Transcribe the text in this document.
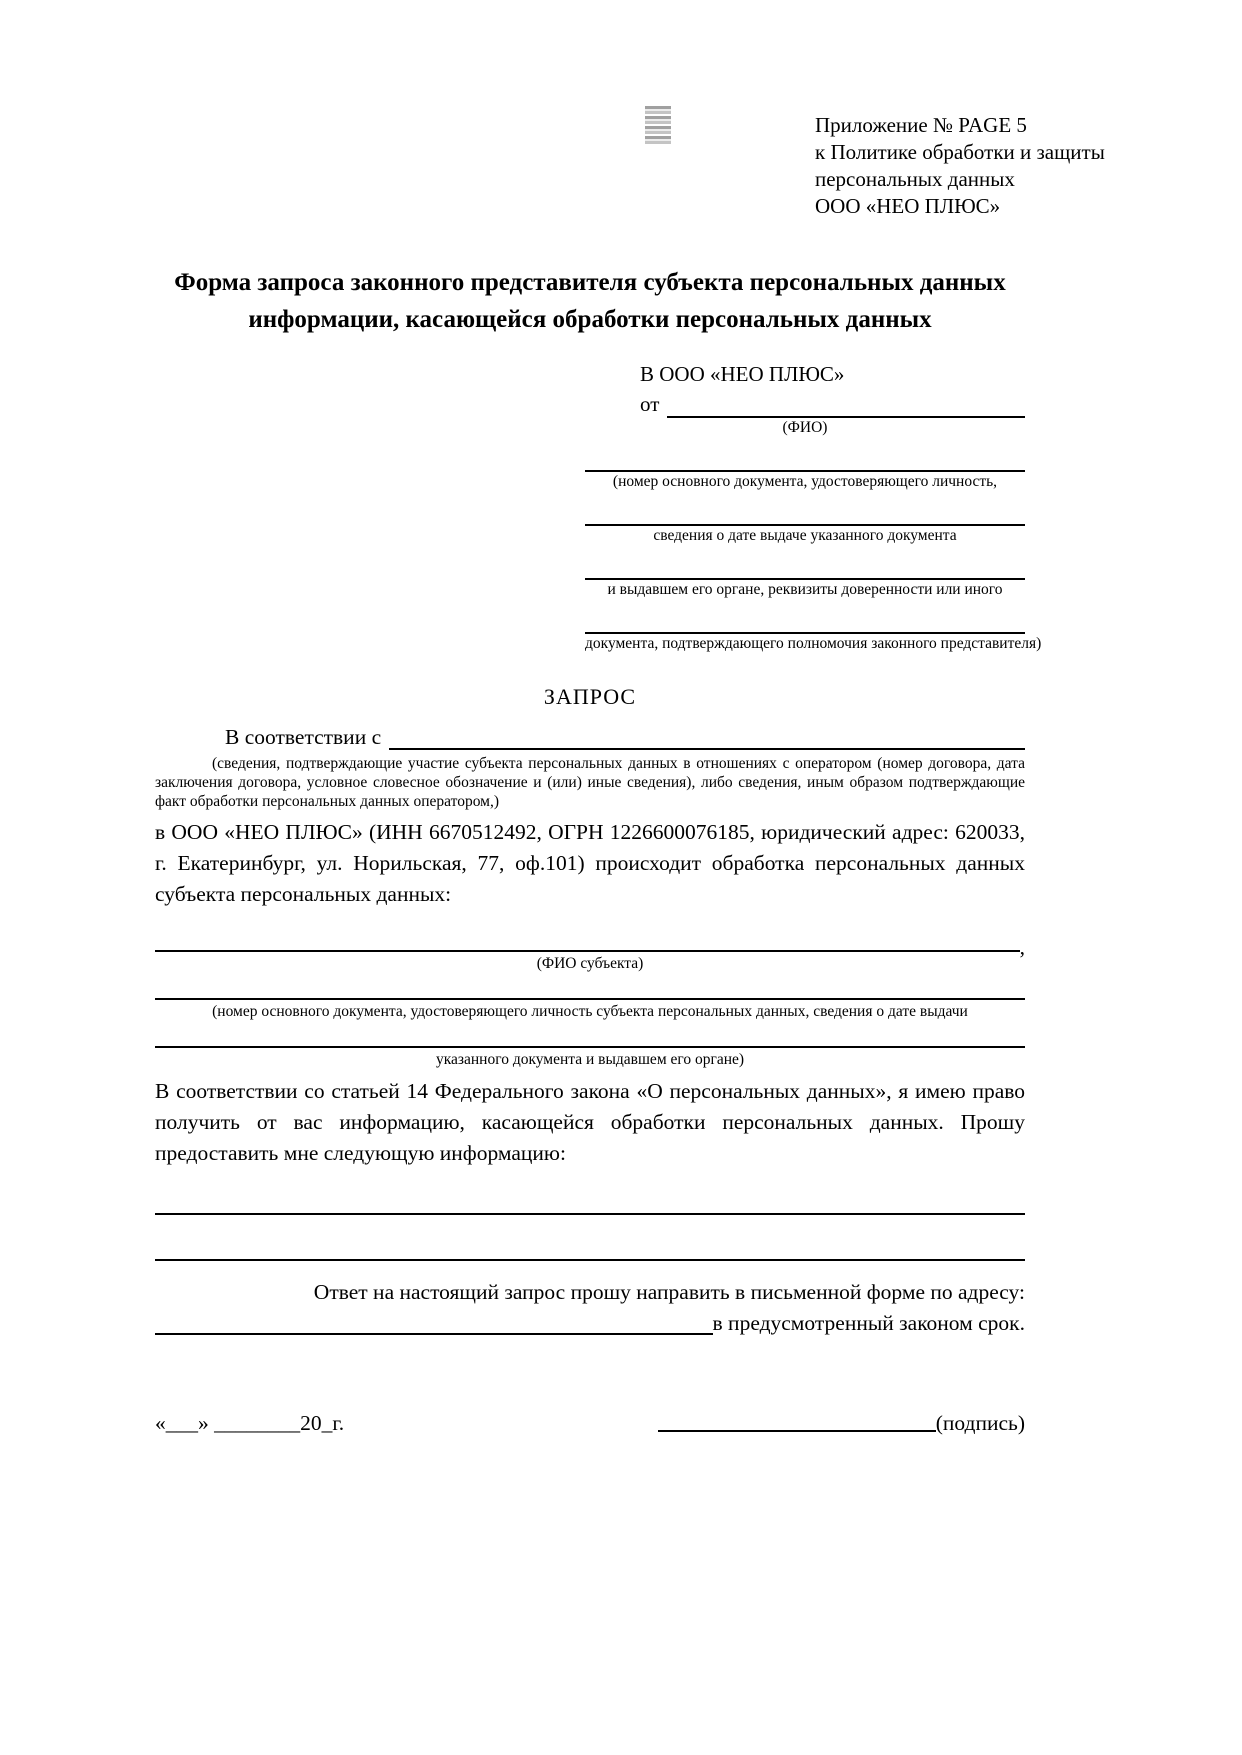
Приложение № PAGE 5
к Политике обработки и защиты
персональных данных
ООО «НЕО ПЛЮС»
Форма запроса законного представителя субъекта персональных данных информации, касающейся обработки персональных данных
В ООО «НЕО ПЛЮС»
от
(ФИО)
(номер основного документа, удостоверяющего личность,
сведения о дате выдаче указанного документа
и выдавшем его органе, реквизиты доверенности или иного
документа, подтверждающего полномочия законного представителя)
ЗАПРОС
В соответствии с

(сведения, подтверждающие участие субъекта персональных данных в отношениях с оператором (номер договора, дата заключения договора, условное словесное обозначение и (или) иные сведения), либо сведения, иным образом подтверждающие факт обработки персональных данных оператором,)

в ООО «НЕО ПЛЮС» (ИНН 6670512492, ОГРН 1226600076185, юридический адрес: 620033, г. Екатеринбург, ул. Норильская, 77, оф.101) происходит обработка персональных данных субъекта персональных данных:

,
(ФИО субъекта)
(номер основного документа, удостоверяющего личность субъекта персональных данных, сведения о дате выдачи
указанного документа и выдавшем его органе)

В соответствии со статьей 14 Федерального закона «О персональных данных», я имею право получить от вас информацию, касающейся обработки персональных данных. Прошу предоставить мне следующую информацию:

Ответ на настоящий запрос прошу направить в письменной форме по адресу:
в предусмотренный законом срок.
«___» ________20_г.	(подпись)
